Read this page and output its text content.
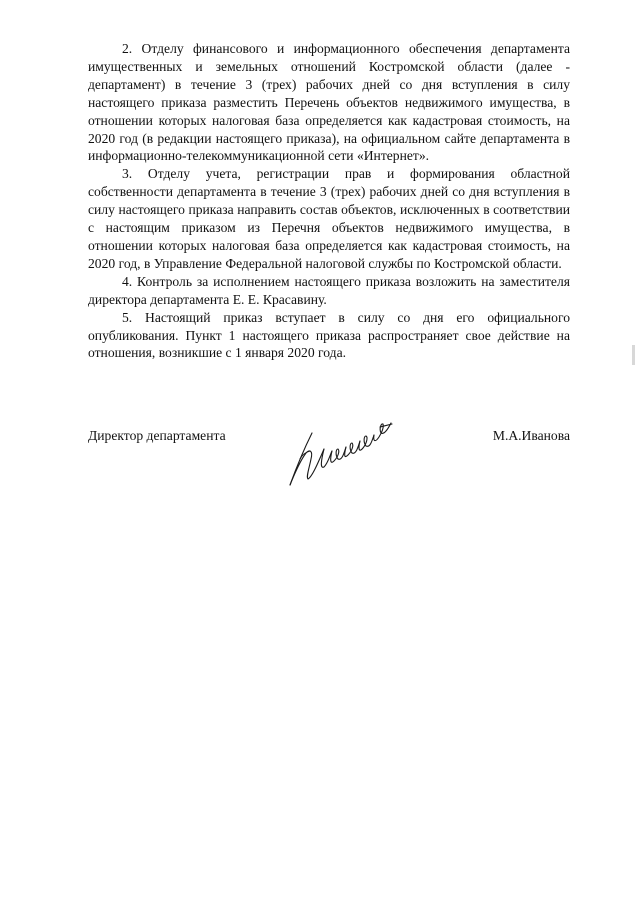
2. Отделу финансового и информационного обеспечения департамента имущественных и земельных отношений Костромской области (далее - департамент) в течение 3 (трех) рабочих дней со дня вступления в силу настоящего приказа разместить Перечень объектов недвижимого имущества, в отношении которых налоговая база определяется как кадастровая стоимость, на 2020 год (в редакции настоящего приказа), на официальном сайте департамента в информационно-телекоммуникационной сети «Интернет».

3. Отделу учета, регистрации прав и формирования областной собственности департамента в течение 3 (трех) рабочих дней со дня вступления в силу настоящего приказа направить состав объектов, исключенных в соответствии с настоящим приказом из Перечня объектов недвижимого имущества, в отношении которых налоговая база определяется как кадастровая стоимость, на 2020 год, в Управление Федеральной налоговой службы по Костромской области.

4. Контроль за исполнением настоящего приказа возложить на заместителя директора департамента Е. Е. Красавину.

5. Настоящий приказ вступает в силу со дня его официального опубликования. Пункт 1 настоящего приказа распространяет свое действие на отношения, возникшие с 1 января 2020 года.

Директор департамента	М.А.Иванова
